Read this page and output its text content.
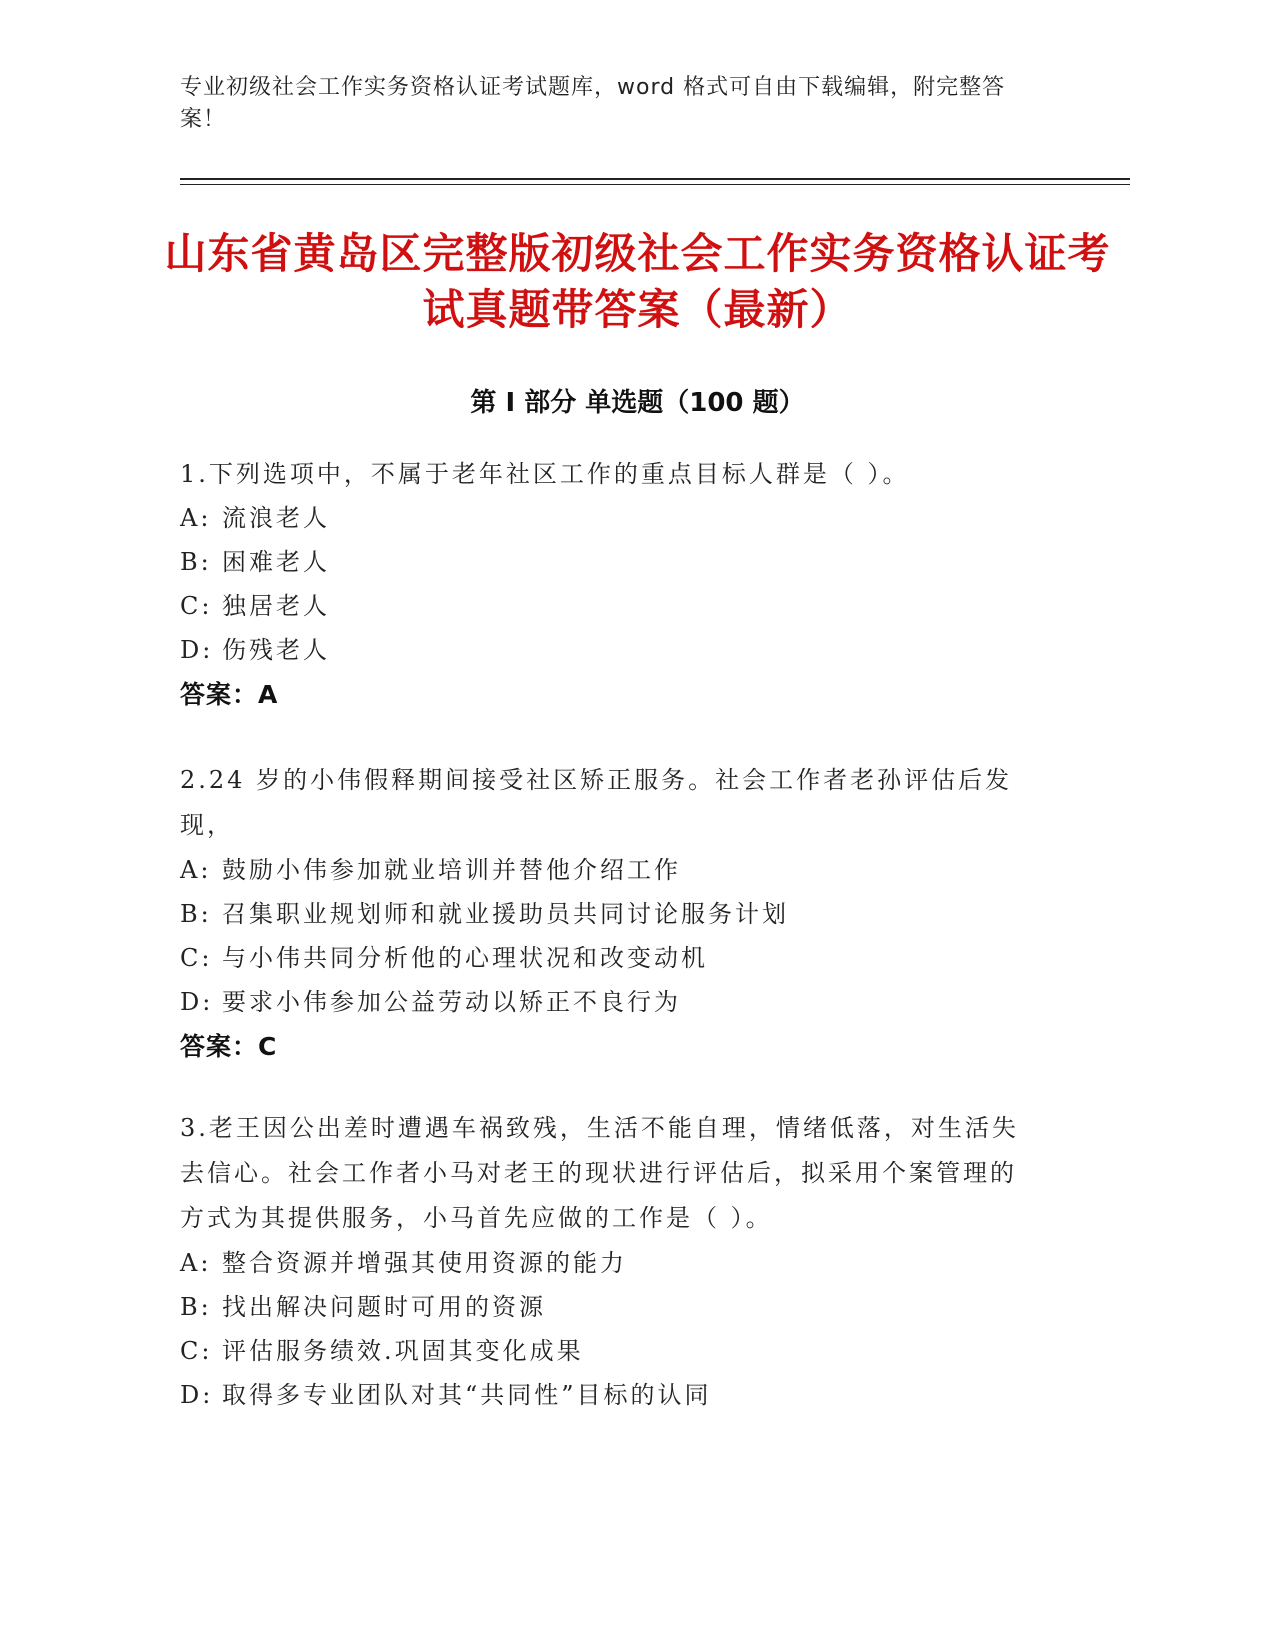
专业初级社会工作实务资格认证考试题库，word 格式可自由下载编辑，附完整答案！
山东省黄岛区完整版初级社会工作实务资格认证考试真题带答案（最新）
第 I 部分 单选题（100 题）
1.下列选项中，不属于老年社区工作的重点目标人群是（ ）。
A: 流浪老人
B: 困难老人
C: 独居老人
D: 伤残老人
答案：A
2.24 岁的小伟假释期间接受社区矫正服务。社会工作者老孙评估后发现，
A: 鼓励小伟参加就业培训并替他介绍工作
B: 召集职业规划师和就业援助员共同讨论服务计划
C: 与小伟共同分析他的心理状况和改变动机
D: 要求小伟参加公益劳动以矫正不良行为
答案：C
3.老王因公出差时遭遇车祸致残，生活不能自理，情绪低落，对生活失去信心。社会工作者小马对老王的现状进行评估后，拟采用个案管理的方式为其提供服务，小马首先应做的工作是（ ）。
A: 整合资源并增强其使用资源的能力
B: 找出解决问题时可用的资源
C: 评估服务绩效.巩固其变化成果
D: 取得多专业团队对其“共同性”目标的认同
